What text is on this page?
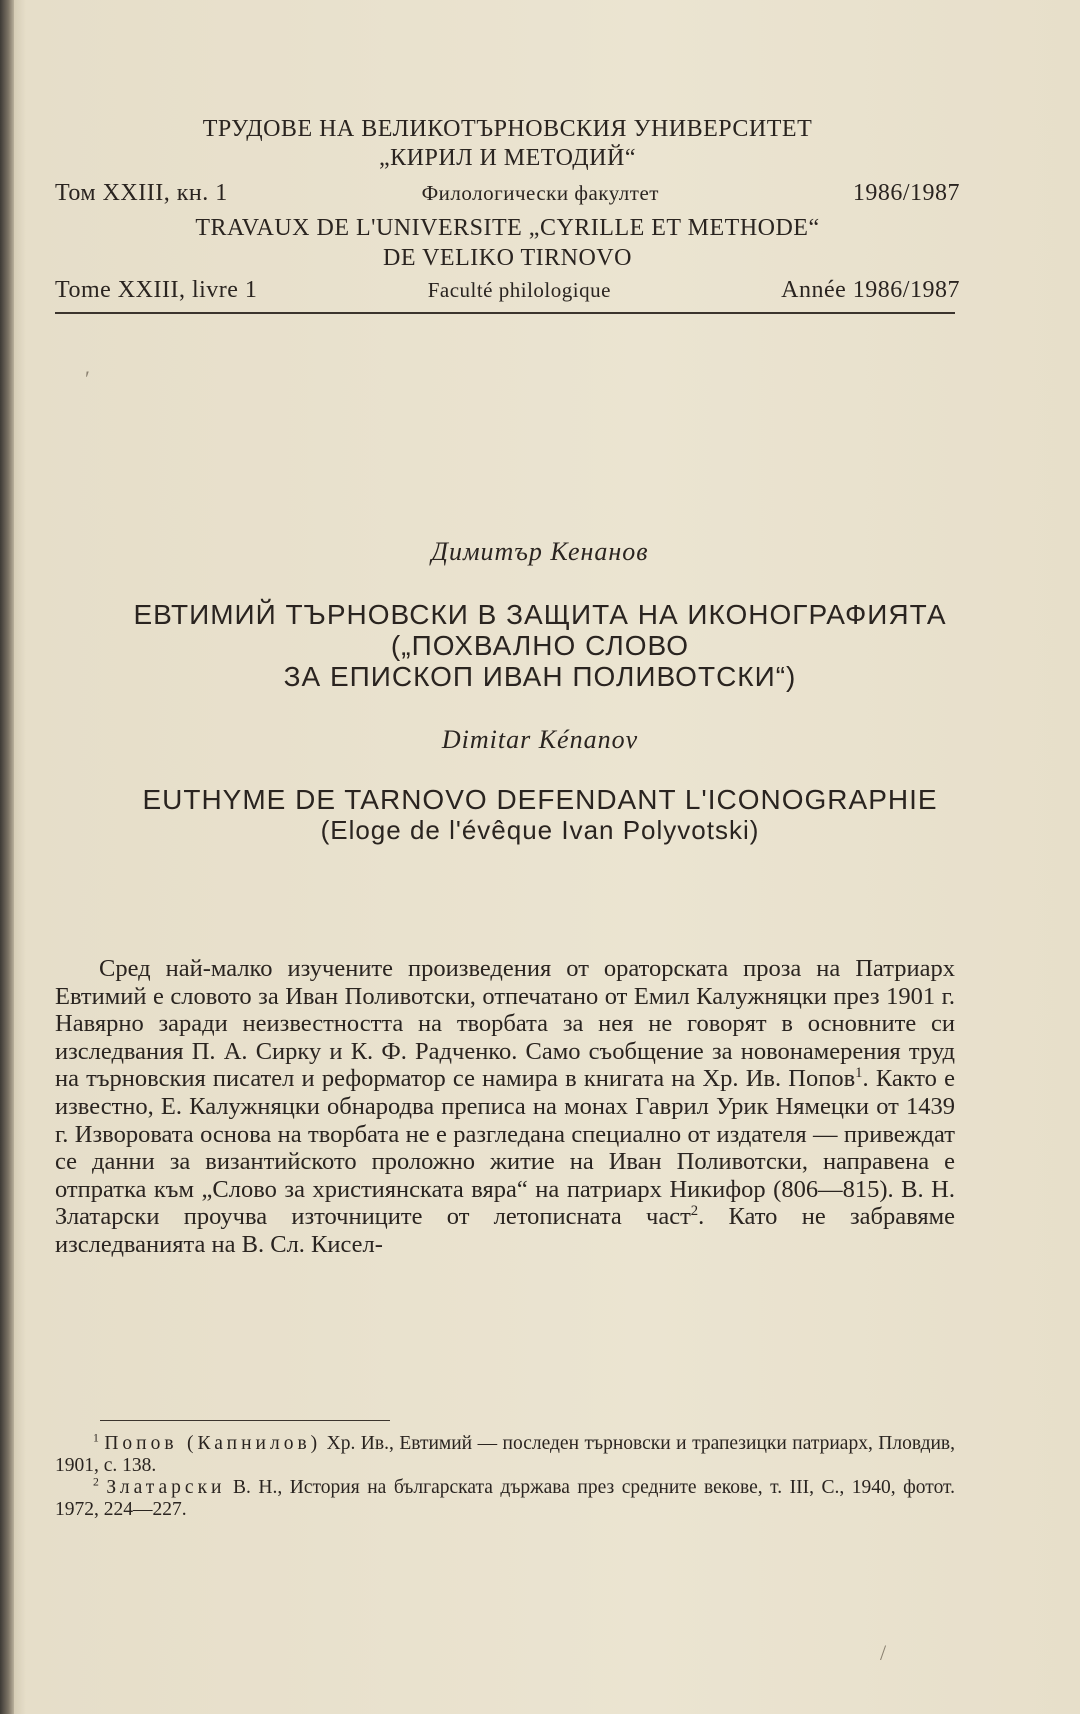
ТРУДОВЕ НА ВЕЛИКОТЪРНОВСКИЯ УНИВЕРСИТЕТ
„КИРИЛ И МЕТОДИЙ“
Том XXIII, кн. 1	Филологически факултет	1986/1987
TRAVAUX DE L'UNIVERSITE „CYRILLE ET METHODE“
DE VELIKO TIRNOVO
Tome XXIII, livre 1	Faculté philologique	Année 1986/1987
′
Димитър Кенанов
ЕВТИМИЙ ТЪРНОВСКИ В ЗАЩИТА НА ИКОНОГРАФИЯТА
(„ПОХВАЛНО СЛОВО
ЗА ЕПИСКОП ИВАН ПОЛИВОТСКИ“)
Dimitar Kénanov
EUTHYME DE TARNOVO DEFENDANT L'ICONOGRAPHIE
(Eloge de l'évêque Ivan Polyvotski)

Сред най-малко изучените произведения от ораторската проза на Патриарх Евтимий е словото за Иван Поливотски, отпечатано от Емил Калужняцки през 1901 г. Навярно заради неизвестността на творбата за нея не говорят в основните си изследвания П. А. Сирку и К. Ф. Радченко. Само съобщение за новонамерения труд на търновския писател и реформатор се намира в книгата на Хр. Ив. Попов$^1$. Както е известно, Е. Калужняцки обнародва преписа на монах Гаврил Урик Нямецки от 1439 г. Изворовата основа на творбата не е разгледана специално от издателя — привеждат се данни за византийското проложно житие на Иван Поливотски, направена е отпратка към „Слово за християнската вяра“ на патриарх Никифор (806—815). В. Н. Златарски проучва източниците от летописната част$^2$. Като не забравяме изследванията на В. Сл. Кисел-

$^1$ Попов (Капнилов) Хр. Ив., Евтимий — последен търновски и трапезицки патриарх, Пловдив, 1901, с. 138.

$^2$ Златарски В. Н., История на българската държава през средните векове, т. III, С., 1940, фотот. 1972, 224—227.

/
